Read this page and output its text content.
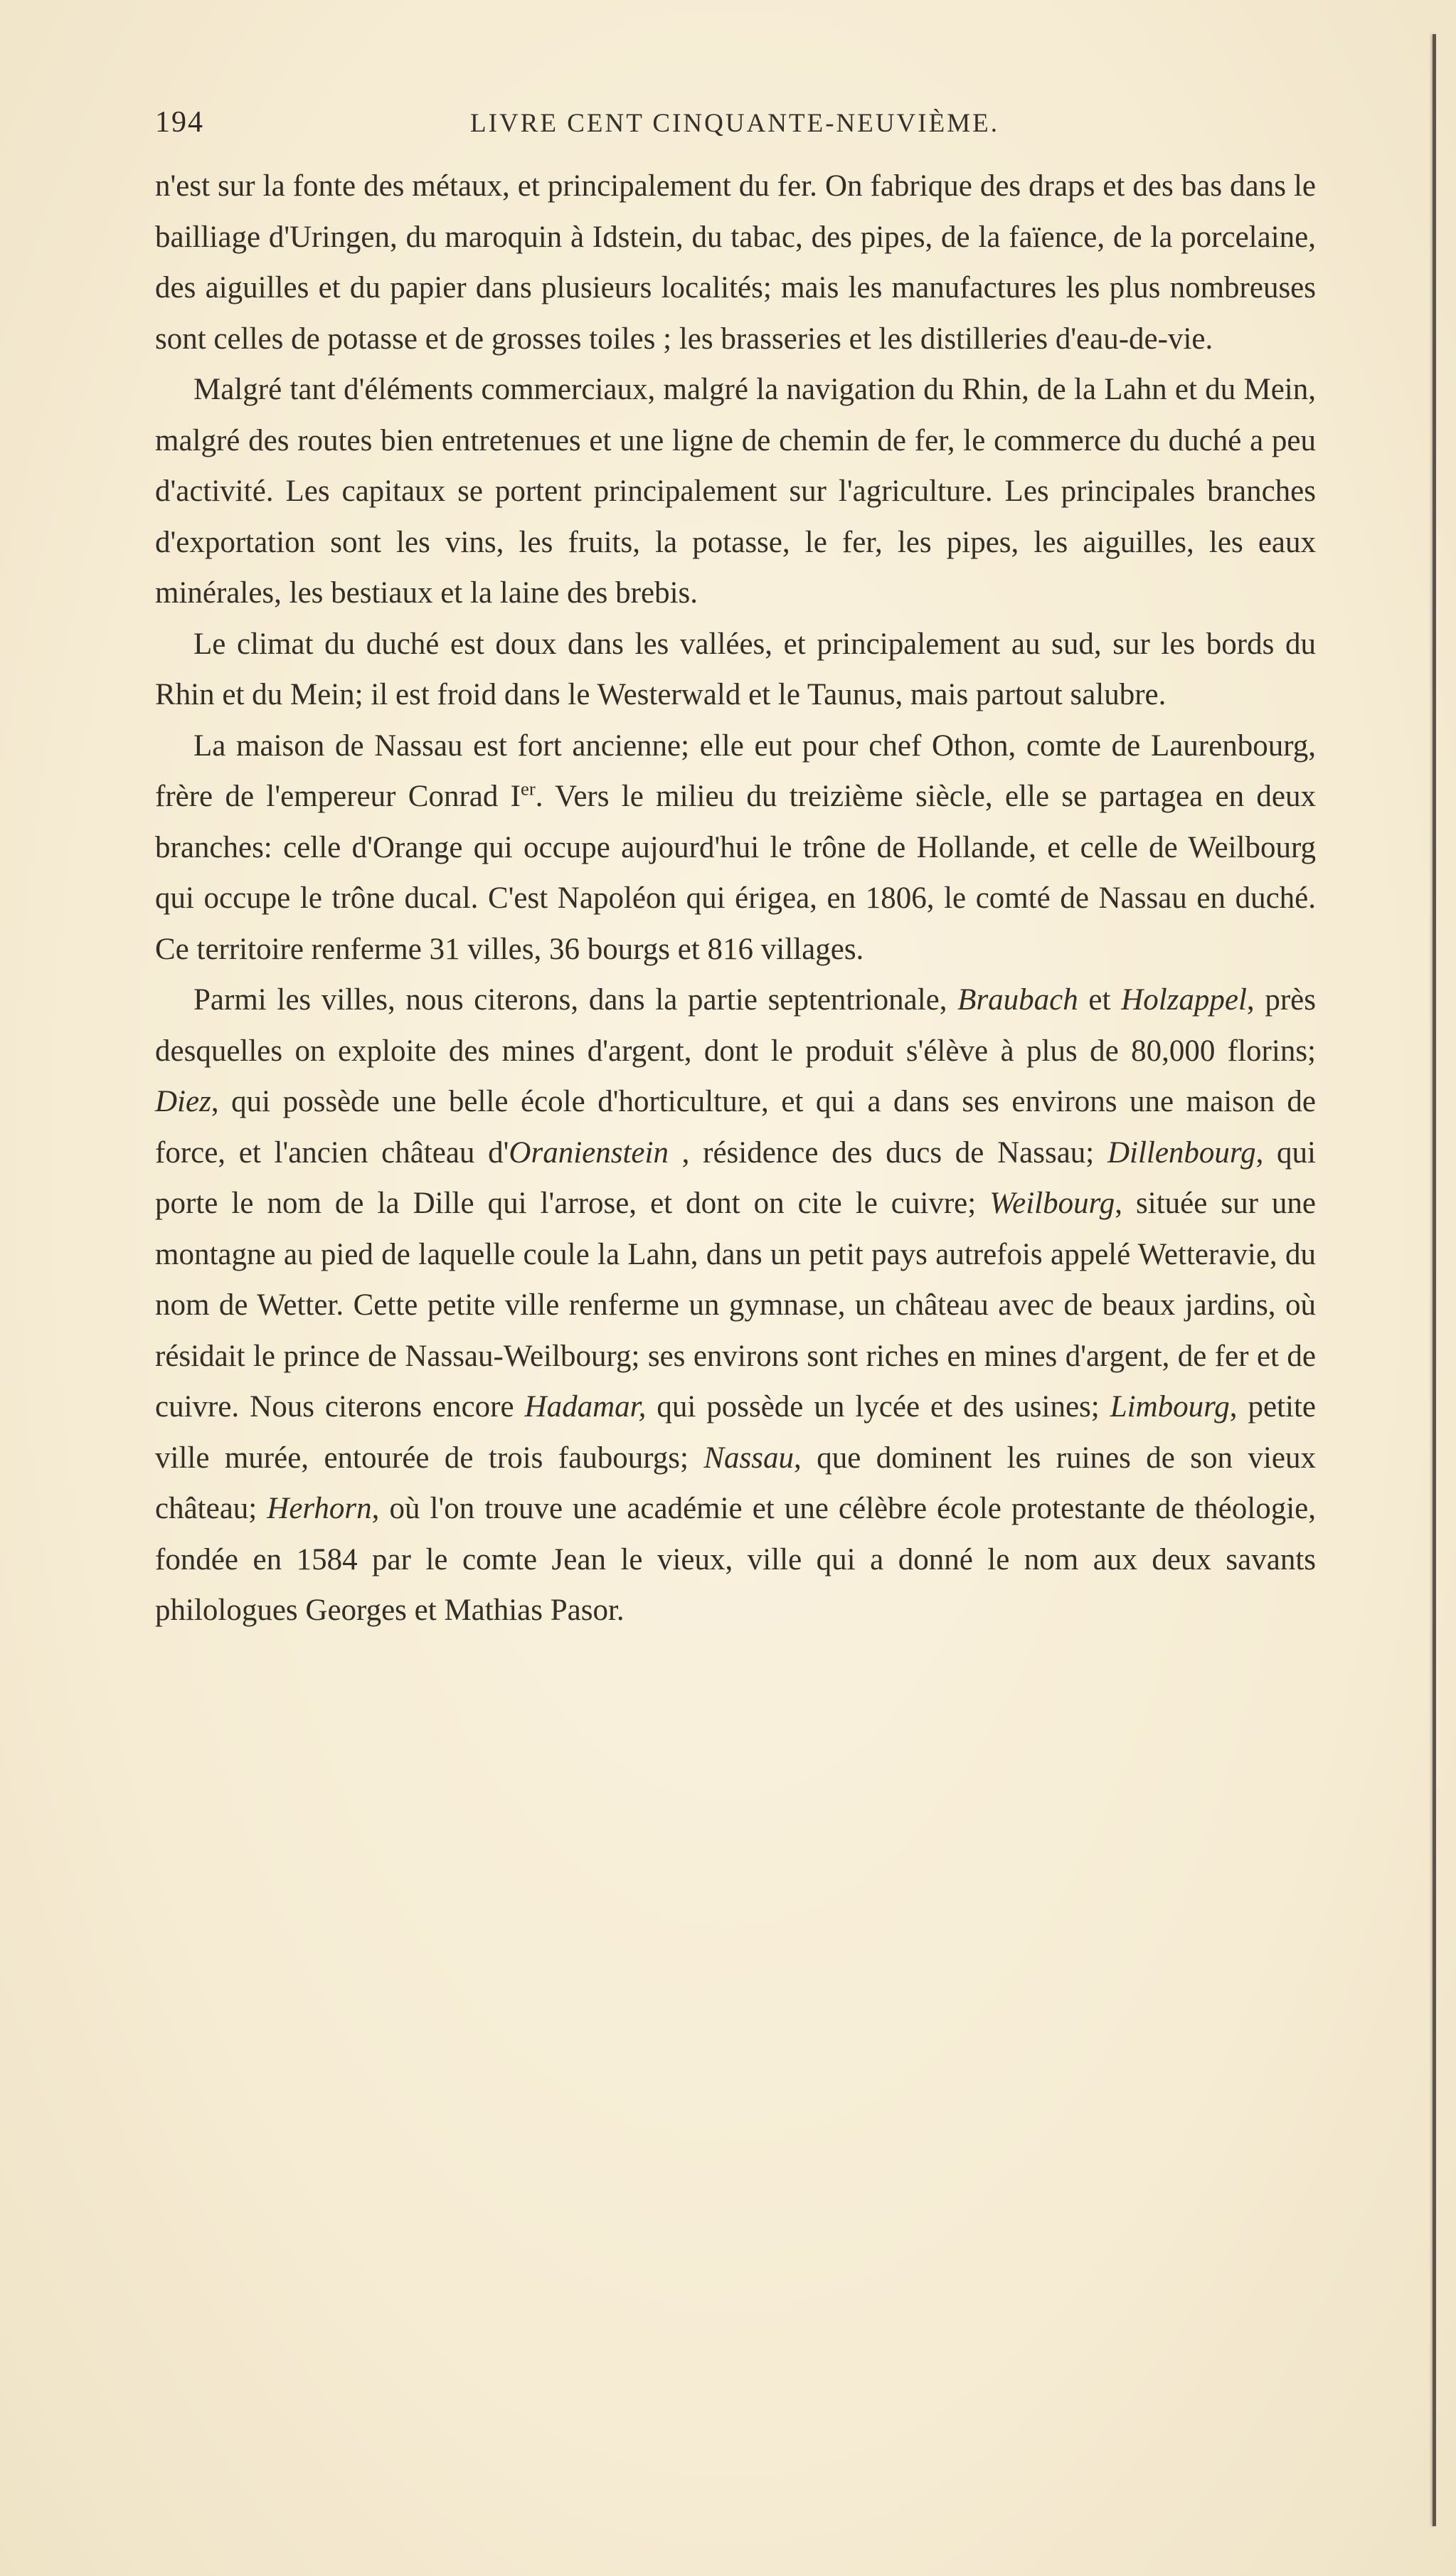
194	LIVRE CENT CINQUANTE-NEUVIÈME.

n'est sur la fonte des métaux, et principalement du fer. On fabrique des draps et des bas dans le bailliage d'Uringen, du maroquin à Idstein, du tabac, des pipes, de la faïence, de la porcelaine, des aiguilles et du papier dans plusieurs localités; mais les manufactures les plus nombreuses sont celles de potasse et de grosses toiles ; les brasseries et les distilleries d'eau-de-vie.

Malgré tant d'éléments commerciaux, malgré la navigation du Rhin, de la Lahn et du Mein, malgré des routes bien entretenues et une ligne de chemin de fer, le commerce du duché a peu d'activité. Les capitaux se portent principalement sur l'agriculture. Les principales branches d'exportation sont les vins, les fruits, la potasse, le fer, les pipes, les aiguilles, les eaux minérales, les bestiaux et la laine des brebis.

Le climat du duché est doux dans les vallées, et principalement au sud, sur les bords du Rhin et du Mein; il est froid dans le Westerwald et le Taunus, mais partout salubre.

La maison de Nassau est fort ancienne; elle eut pour chef Othon, comte de Laurenbourg, frère de l'empereur Conrad Ier. Vers le milieu du treizième siècle, elle se partagea en deux branches: celle d'Orange qui occupe aujourd'hui le trône de Hollande, et celle de Weilbourg qui occupe le trône ducal. C'est Napoléon qui érigea, en 1806, le comté de Nassau en duché. Ce territoire renferme 31 villes, 36 bourgs et 816 villages.

Parmi les villes, nous citerons, dans la partie septentrionale, Braubach et Holzappel, près desquelles on exploite des mines d'argent, dont le produit s'élève à plus de 80,000 florins; Diez, qui possède une belle école d'horticulture, et qui a dans ses environs une maison de force, et l'ancien château d'Oranienstein , résidence des ducs de Nassau; Dillenbourg, qui porte le nom de la Dille qui l'arrose, et dont on cite le cuivre; Weilbourg, située sur une montagne au pied de laquelle coule la Lahn, dans un petit pays autrefois appelé Wetteravie, du nom de Wetter. Cette petite ville renferme un gymnase, un château avec de beaux jardins, où résidait le prince de Nassau-Weilbourg; ses environs sont riches en mines d'argent, de fer et de cuivre. Nous citerons encore Hadamar, qui possède un lycée et des usines; Limbourg, petite ville murée, entourée de trois faubourgs; Nassau, que dominent les ruines de son vieux château; Herhorn, où l'on trouve une académie et une célèbre école protestante de théologie, fondée en 1584 par le comte Jean le vieux, ville qui a donné le nom aux deux savants philologues Georges et Mathias Pasor.
